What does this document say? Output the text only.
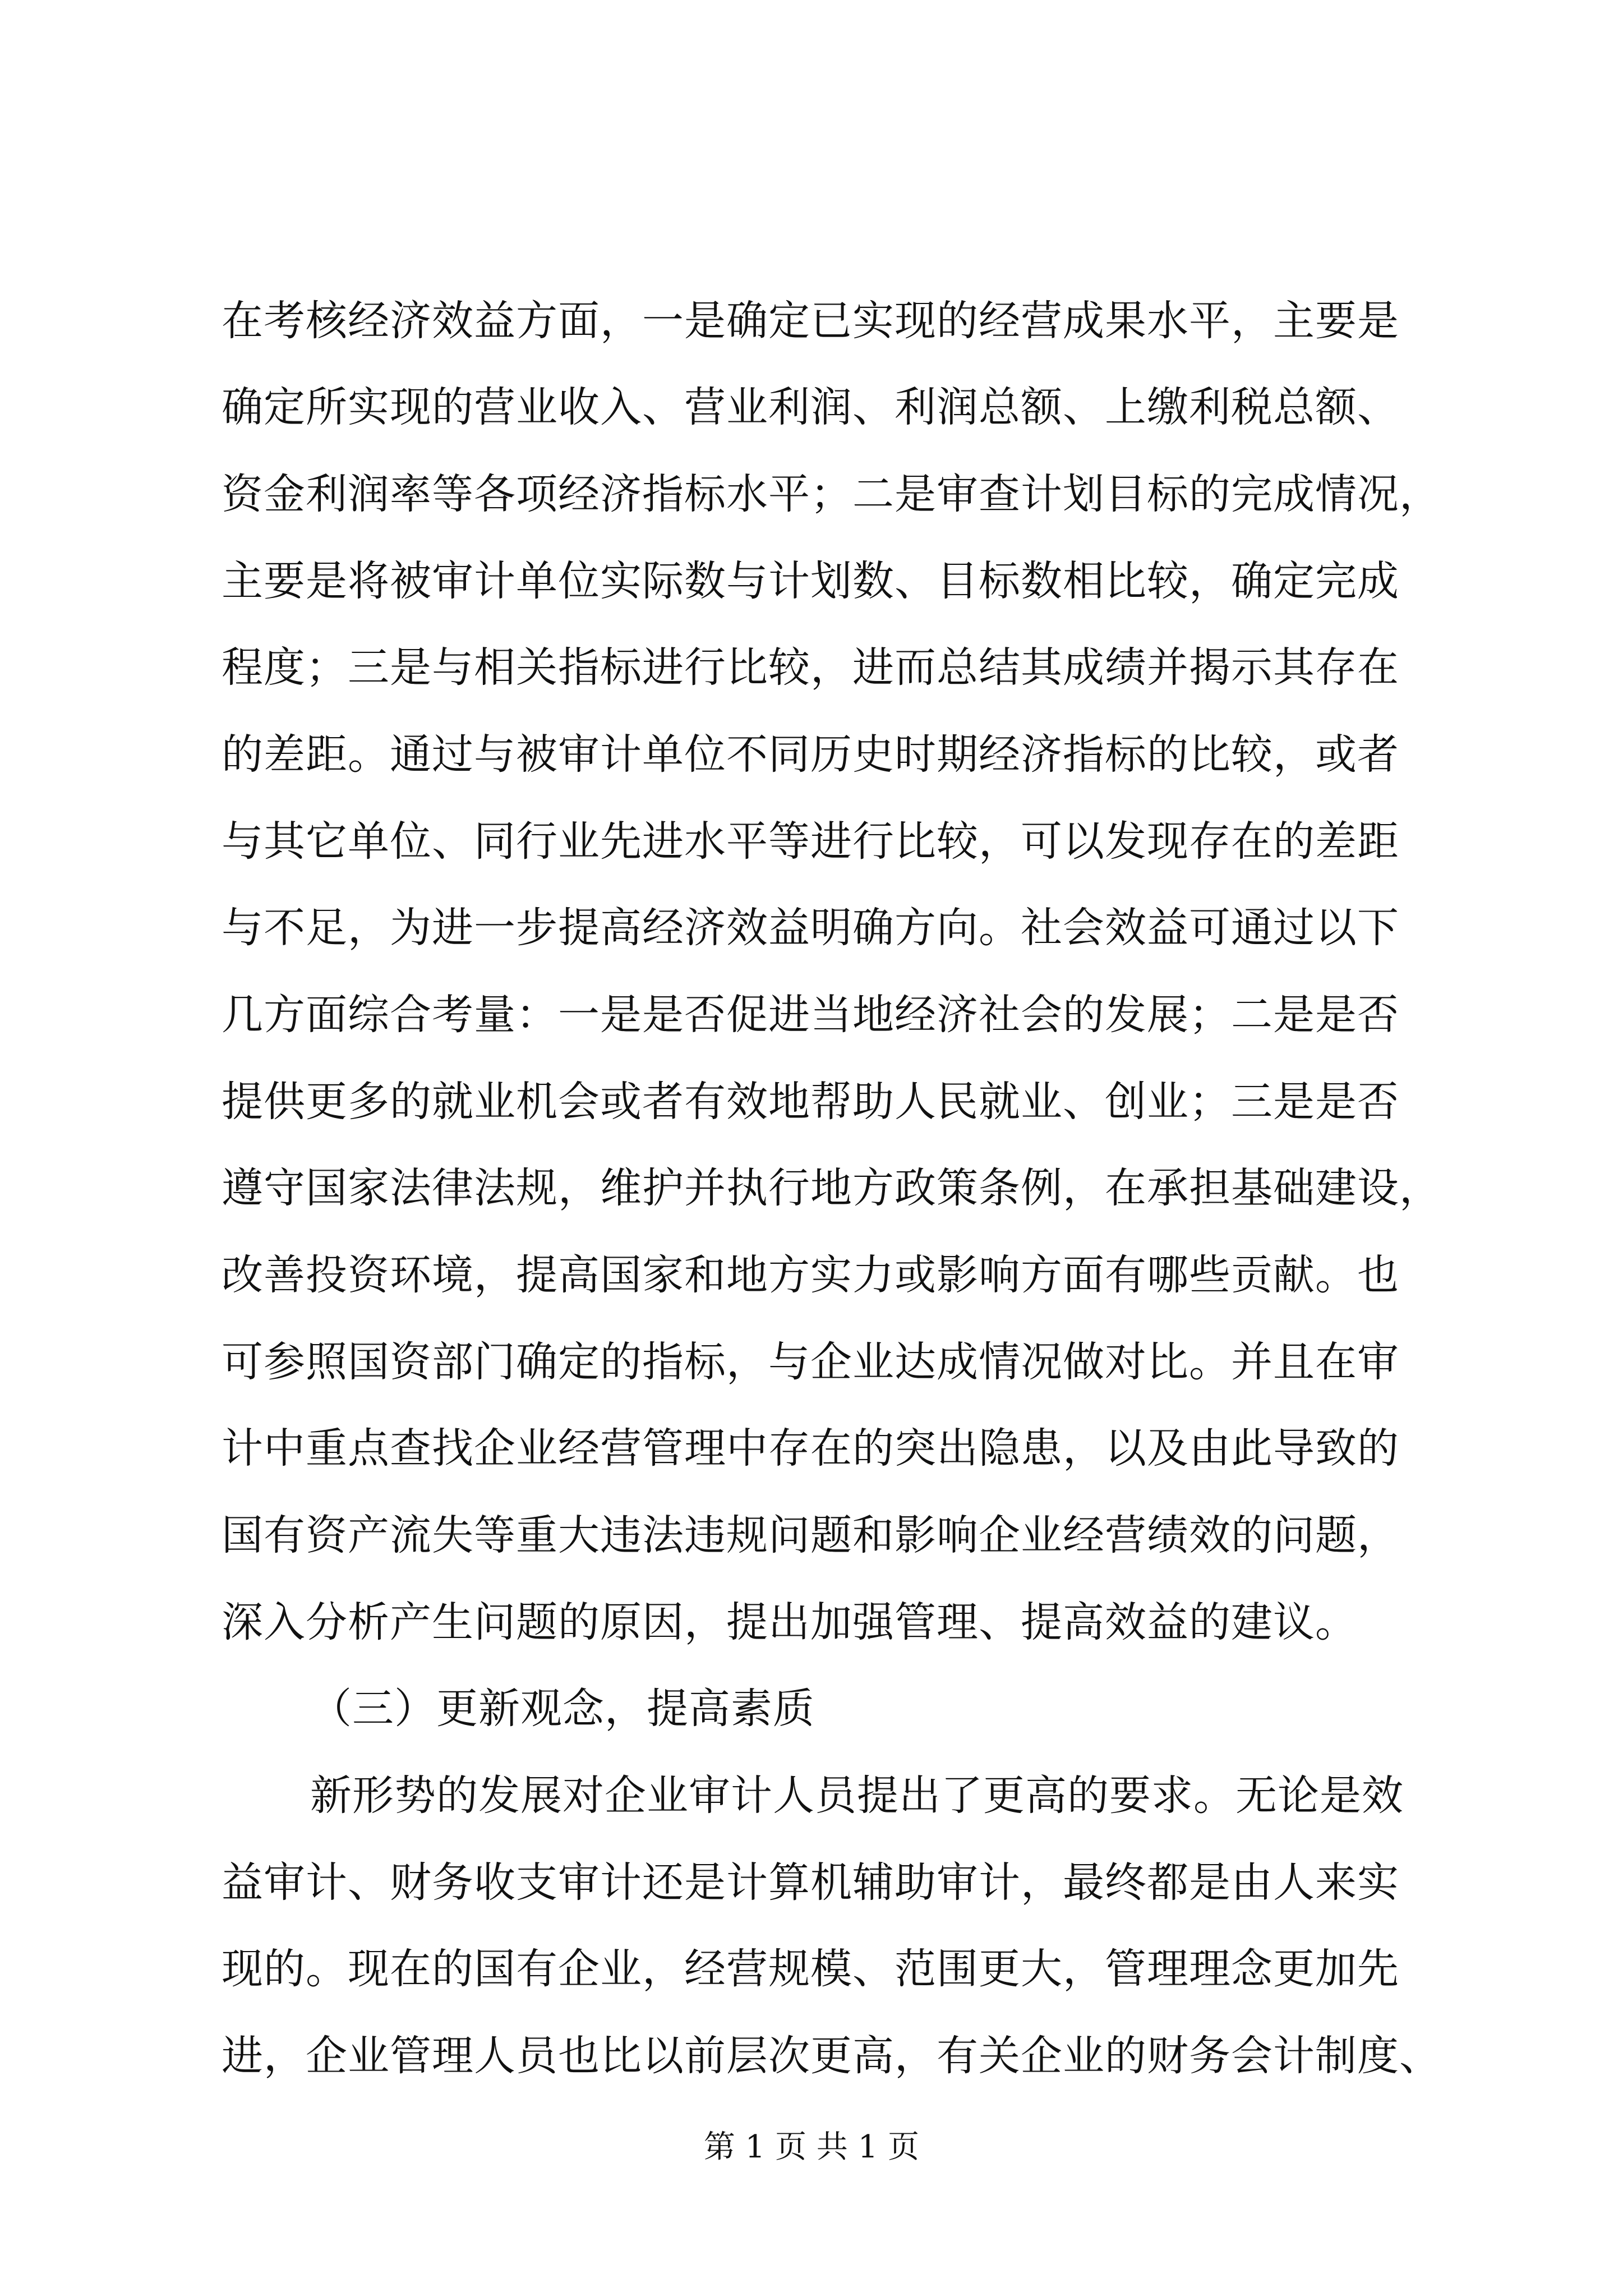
在考核经济效益方面，一是确定已实现的经营成果水平，主要是
确定所实现的营业收入、营业利润、利润总额、上缴利税总额、
资金利润率等各项经济指标水平；二是审查计划目标的完成情况，
主要是将被审计单位实际数与计划数、目标数相比较，确定完成
程度；三是与相关指标进行比较，进而总结其成绩并揭示其存在
的差距。通过与被审计单位不同历史时期经济指标的比较，或者
与其它单位、同行业先进水平等进行比较，可以发现存在的差距
与不足，为进一步提高经济效益明确方向。社会效益可通过以下
几方面综合考量：一是是否促进当地经济社会的发展；二是是否
提供更多的就业机会或者有效地帮助人民就业、创业；三是是否
遵守国家法律法规，维护并执行地方政策条例，在承担基础建设，
改善投资环境，提高国家和地方实力或影响方面有哪些贡献。也
可参照国资部门确定的指标，与企业达成情况做对比。并且在审
计中重点查找企业经营管理中存在的突出隐患，以及由此导致的
国有资产流失等重大违法违规问题和影响企业经营绩效的问题，
深入分析产生问题的原因，提出加强管理、提高效益的建议。
（三）更新观念，提高素质
新形势的发展对企业审计人员提出了更高的要求。无论是效
益审计、财务收支审计还是计算机辅助审计，最终都是由人来实
现的。现在的国有企业，经营规模、范围更大，管理理念更加先
进，企业管理人员也比以前层次更高，有关企业的财务会计制度、
第 1 页 共 1 页
